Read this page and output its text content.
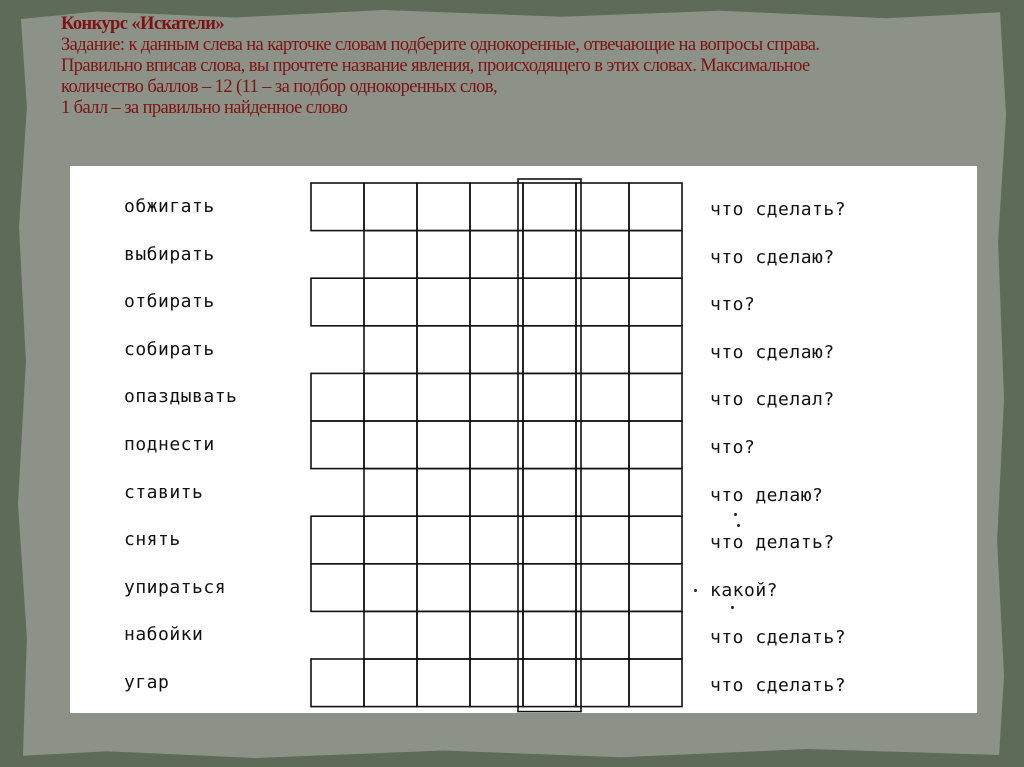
Конкурс «Искатели»
Задание: к данным слева на карточке словам подберите однокоренные, отвечающие на вопросы справа.
Правильно вписав слова, вы прочтете название явления, происходящего в этих словах. Максимальное
количество баллов – 12 (11 – за подбор однокоренных слов,
1 балл – за правильно найденное слово
обжигать	что сделать?
выбирать	что сделаю?
отбирать	что?
собирать	что сделаю?
опаздывать	что сделал?
поднести	что?
ставить	что делаю?
снять	что делать?
упираться	какой?
набойки	что сделать?
угар	что сделать?
